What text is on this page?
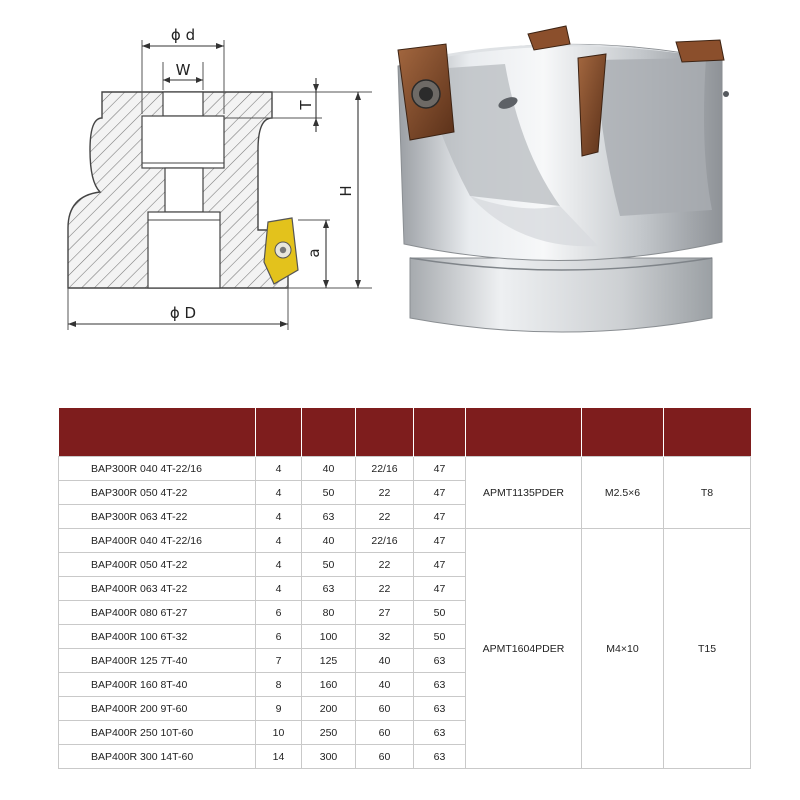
ϕ d
W
T
H
a
ϕ D

BAP300R 040 4T-22/16	4	40	22/16	47	APMT1135PDER	M2.5×6	T8
BAP300R 050 4T-22	4	50	22	47			
BAP300R 063 4T-22	4	63	22	47			
BAP400R 040 4T-22/16	4	40	22/16	47	APMT1604PDER	M4×10	T15
BAP400R 050 4T-22	4	50	22	47			
BAP400R 063 4T-22	4	63	22	47			
BAP400R 080 6T-27	6	80	27	50			
BAP400R 100 6T-32	6	100	32	50			
BAP400R 125 7T-40	7	125	40	63			
BAP400R 160 8T-40	8	160	40	63			
BAP400R 200 9T-60	9	200	60	63			
BAP400R 250 10T-60	10	250	60	63			
BAP400R 300 14T-60	14	300	60	63			
